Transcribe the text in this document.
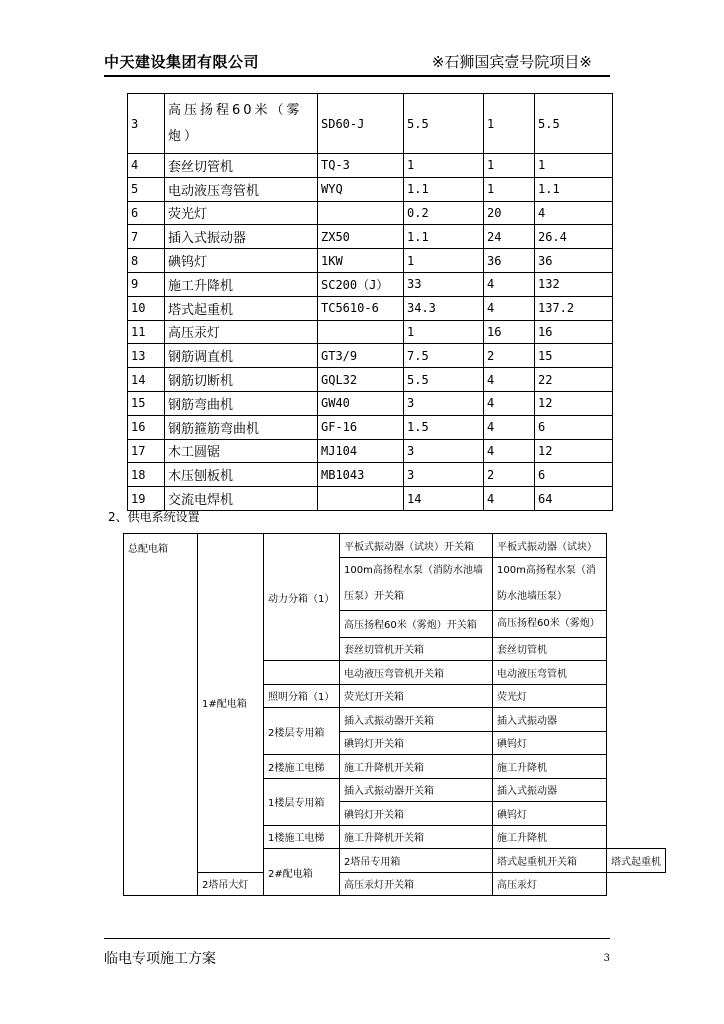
中天建设集团有限公司	※石狮国宾壹号院项目※
3	高压扬程60米（雾炮）	SD60-J	5.5	1	5.5
4	套丝切管机	TQ-3	1	1	1
5	电动液压弯管机	WYQ	1.1	1	1.1
6	荧光灯		0.2	20	4
7	插入式振动器	ZX50	1.1	24	26.4
8	碘钨灯	1KW	1	36	36
9	施工升降机	SC200（J）	33	4	132
10	塔式起重机	TC5610-6	34.3	4	137.2
11	高压汞灯		1	16	16
13	钢筋调直机	GT3/9	7.5	2	15
14	钢筋切断机	GQL32	5.5	4	22
15	钢筋弯曲机	GW40	3	4	12
16	钢筋箍筋弯曲机	GF-16	1.5	4	6
17	木工圆锯	MJ104	3	4	12
18	木压刨板机	MB1043	3	2	6
19	交流电焊机		14	4	64
2、供电系统设置
总配电箱	1#配电箱	动力分箱（1）	平板式振动器（试块）开关箱	平板式振动器（试块）	
			100m高扬程水泵（消防水池墙压泵）开关箱	100m高扬程水泵（消防水池墙压泵）	

			高压扬程60米（雾炮）开关箱	高压扬程60米（雾炮）	

			套丝切管机开关箱	套丝切管机	
			电动液压弯管机开关箱	电动液压弯管机	
		照明分箱（1）	荧光灯开关箱	荧光灯	
		2楼层专用箱	插入式振动器开关箱	插入式振动器	
			碘钨灯开关箱	碘钨灯	
		2楼施工电梯	施工升降机开关箱	施工升降机	
		1楼层专用箱	插入式振动器开关箱	插入式振动器	
			碘钨灯开关箱	碘钨灯	
		1楼施工电梯	施工升降机开关箱	施工升降机	
		2#配电箱	2塔吊专用箱	塔式起重机开关箱	塔式起重机
	2塔吊大灯		高压汞灯开关箱	高压汞灯	
临电专项施工方案	3
